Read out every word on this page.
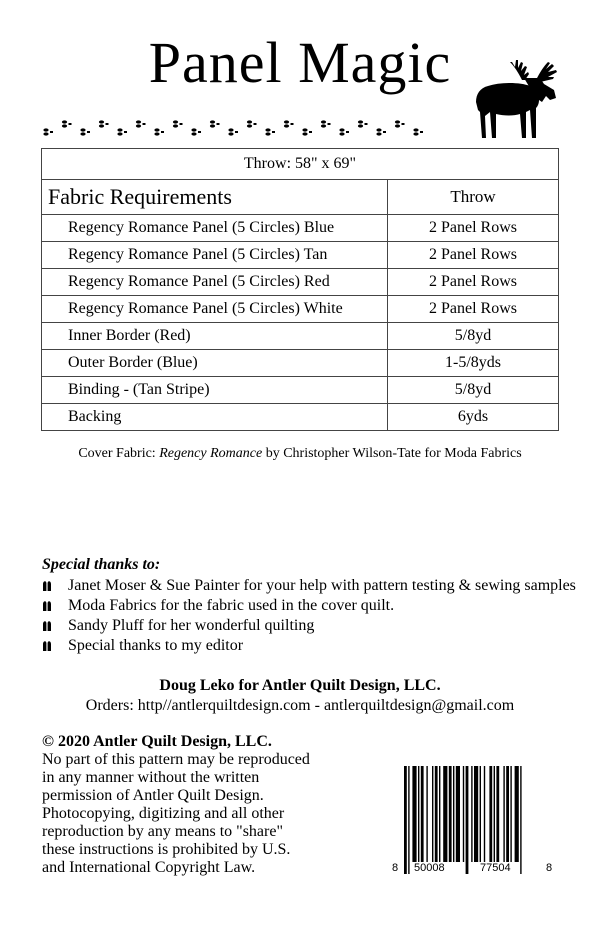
Panel Magic
Throw: 58" x 69"	
Fabric Requirements	Throw
Regency Romance Panel (5 Circles) Blue	2 Panel Rows
Regency Romance Panel (5 Circles) Tan	2 Panel Rows
Regency Romance Panel (5 Circles) Red	2 Panel Rows
Regency Romance Panel (5 Circles) White	2 Panel Rows
Inner Border (Red)	5/8yd
Outer Border (Blue)	1-5/8yds
Binding - (Tan Stripe)	5/8yd
Backing	6yds
Cover Fabric: Regency Romance by Christopher Wilson-Tate for Moda Fabrics
Special thanks to:
Janet Moser & Sue Painter for your help with pattern testing & sewing samples
Moda Fabrics for the fabric used in the cover quilt.
Sandy Pluff for her wonderful quilting
Special thanks to my editor
Doug Leko for Antler Quilt Design, LLC.
Orders: http//antlerquiltdesign.com - antlerquiltdesign@gmail.com
© 2020 Antler Quilt Design, LLC.
No part of this pattern may be reproduced
in any manner without the written
permission of Antler Quilt Design.
Photocopying, digitizing and all other
reproduction by any means to "share"
these instructions is prohibited by U.S.
and International Copyright Law.	8 50008	77504	8
